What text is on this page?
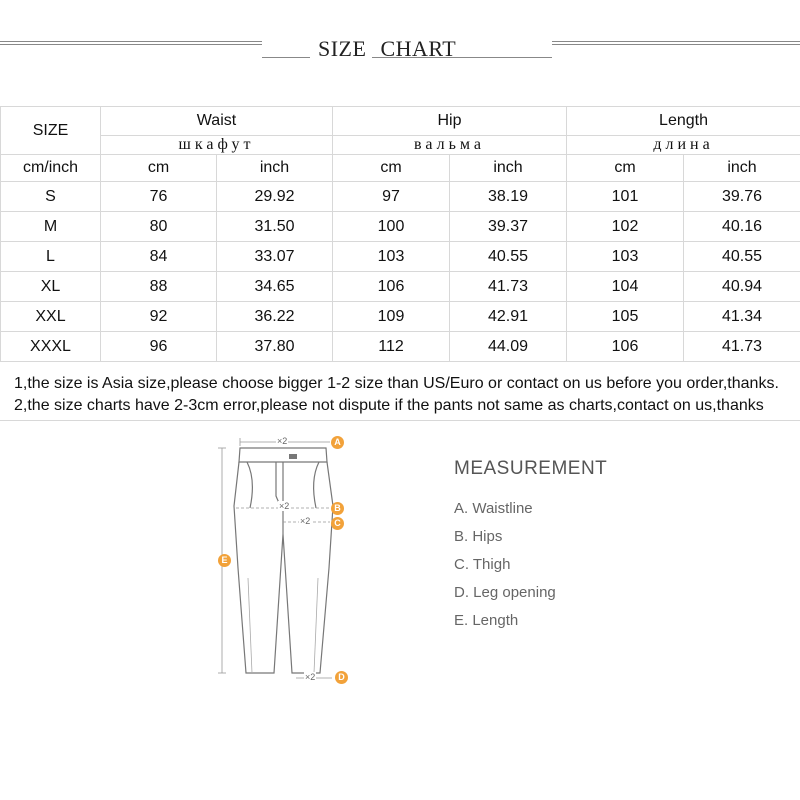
SIZE CHART
SIZE	Waist		Hip		Length	
	шкафут		вальма		длина	
cm/inch	cm	inch	cm	inch	cm	inch
S	76	29.92	97	38.19	101	39.76
M	80	31.50	100	39.37	102	40.16
L	84	33.07	103	40.55	103	40.55
XL	88	34.65	106	41.73	104	40.94
XXL	92	36.22	109	42.91	105	41.34
XXXL	96	37.80	112	44.09	106	41.73
1,the size is Asia size,please choose bigger 1-2 size than US/Euro or contact on us before you order,thanks.
2,the size charts have 2-3cm error,please not dispute if the pants not same as charts,contact on us,thanks
×2
×2
×2
×2
A
B
C
D
E
MEASUREMENT
A. Waistline
B. Hips
C. Thigh
D. Leg opening
E. Length
